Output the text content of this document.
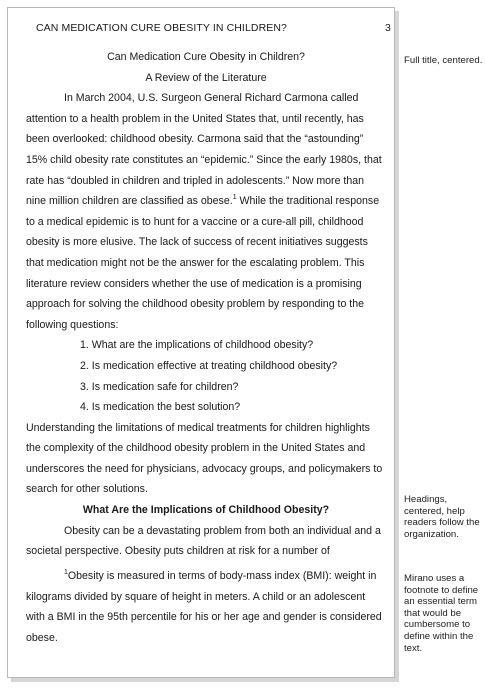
CAN MEDICATION CURE OBESITY IN CHILDREN?	3

Can Medication Cure Obesity in Children?

A Review of the Literature

In March 2004, U.S. Surgeon General Richard Carmona called attention to a health problem in the United States that, until recently, has been overlooked: childhood obesity. Carmona said that the “astounding” 15% child obesity rate constitutes an “epidemic.” Since the early 1980s, that rate has “doubled in children and tripled in adolescents.” Now more than nine million children are classified as obese.$^1$ While the traditional response to a medical epidemic is to hunt for a vaccine or a cure-all pill, childhood obesity is more elusive. The lack of success of recent initiatives suggests that medication might not be the answer for the escalating problem. This literature review considers whether the use of medication is a promising approach for solving the childhood obesity problem by responding to the following questions:

1. What are the implications of childhood obesity?
2. Is medication effective at treating childhood obesity?
3. Is medication safe for children?
4. Is medication the best solution?

Understanding the limitations of medical treatments for children highlights the complexity of the childhood obesity problem in the United States and underscores the need for physicians, advocacy groups, and policymakers to search for other solutions.

What Are the Implications of Childhood Obesity?

Obesity can be a devastating problem from both an individual and a societal perspective. Obesity puts children at risk for a number of

$^1$Obesity is measured in terms of body-mass index (BMI): weight in kilograms divided by square of height in meters. A child or an adolescent with a BMI in the 95th percentile for his or her age and gender is considered obese.

Full title, centered.
Headings, centered, help readers follow the organization.
Mirano uses a footnote to define an essential term that would be cumbersome to define within the text.
